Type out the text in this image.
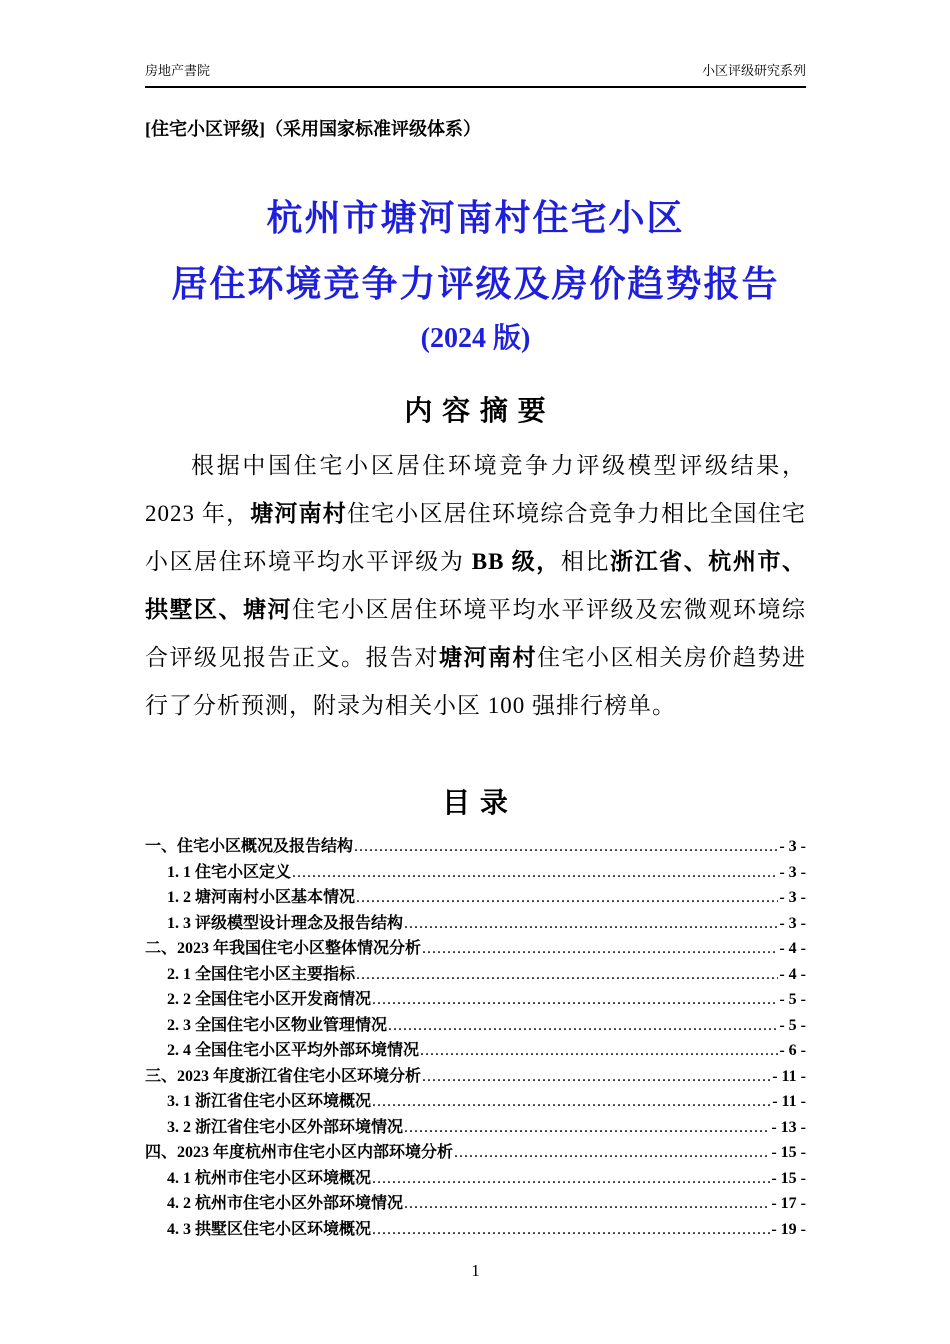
房地产書院	小区评级研究系列
[住宅小区评级]（采用国家标准评级体系）
杭州市塘河南村住宅小区
居住环境竞争力评级及房价趋势报告
(2024 版)
内 容 摘 要
根据中国住宅小区居住环境竞争力评级模型评级结果，2023 年，塘河南村住宅小区居住环境综合竞争力相比全国住宅小区居住环境平均水平评级为 BB 级，相比浙江省、杭州市、拱墅区、塘河住宅小区居住环境平均水平评级及宏微观环境综合评级见报告正文。报告对塘河南村住宅小区相关房价趋势进行了分析预测，附录为相关小区 100 强排行榜单。
目 录
一、住宅小区概况及报告结构 .....	- 3 -
1. 1 住宅小区定义 .....	- 3 -
1. 2 塘河南村小区基本情况 .....	- 3 -
1. 3 评级模型设计理念及报告结构 .....	- 3 -
二、2023 年我国住宅小区整体情况分析 .....	- 4 -
2. 1 全国住宅小区主要指标 .....	- 4 -
2. 2 全国住宅小区开发商情况 .....	- 5 -
2. 3 全国住宅小区物业管理情况 .....	- 5 -
2. 4 全国住宅小区平均外部环境情况 .....	- 6 -
三、2023 年度浙江省住宅小区环境分析 .....	- 11 -
3. 1 浙江省住宅小区环境概况 .....	- 11 -
3. 2 浙江省住宅小区外部环境情况 .....	- 13 -
四、2023 年度杭州市住宅小区内部环境分析 .....	- 15 -
4. 1 杭州市住宅小区环境概况 .....	- 15 -
4. 2 杭州市住宅小区外部环境情况 .....	- 17 -
4. 3 拱墅区住宅小区环境概况 .....	- 19 -
1
